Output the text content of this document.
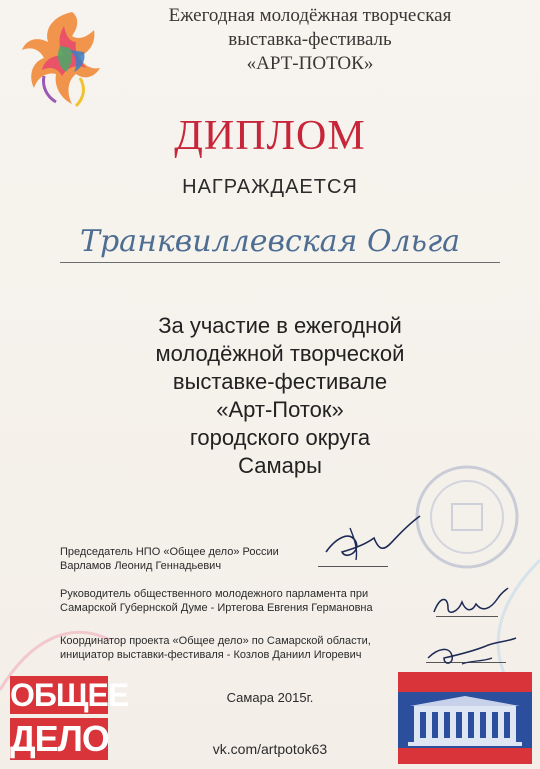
Ежегодная молодёжная творческая
выставка-фестиваль
«АРТ-ПОТОК»
ДИПЛОМ
НАГРАЖДАЕТСЯ
Транквиллевская Ольга
За участие в ежегодной
молодёжной творческой
выставке-фестивале
«Арт-Поток»
городского округа
Самары
Председатель НПО «Общее дело» России
Варламов Леонид Геннадьевич
Руководитель общественного молодежного парламента при
Самарской Губернской Думе - Иртегова Евгения Германовна
Координатор проекта «Общее дело» по Самарской области,
инициатор выставки-фестиваля - Козлов Даниил Игоревич
Самара 2015г.
vk.com/artpotok63
ОБЩЕЕ
ДЕЛО
